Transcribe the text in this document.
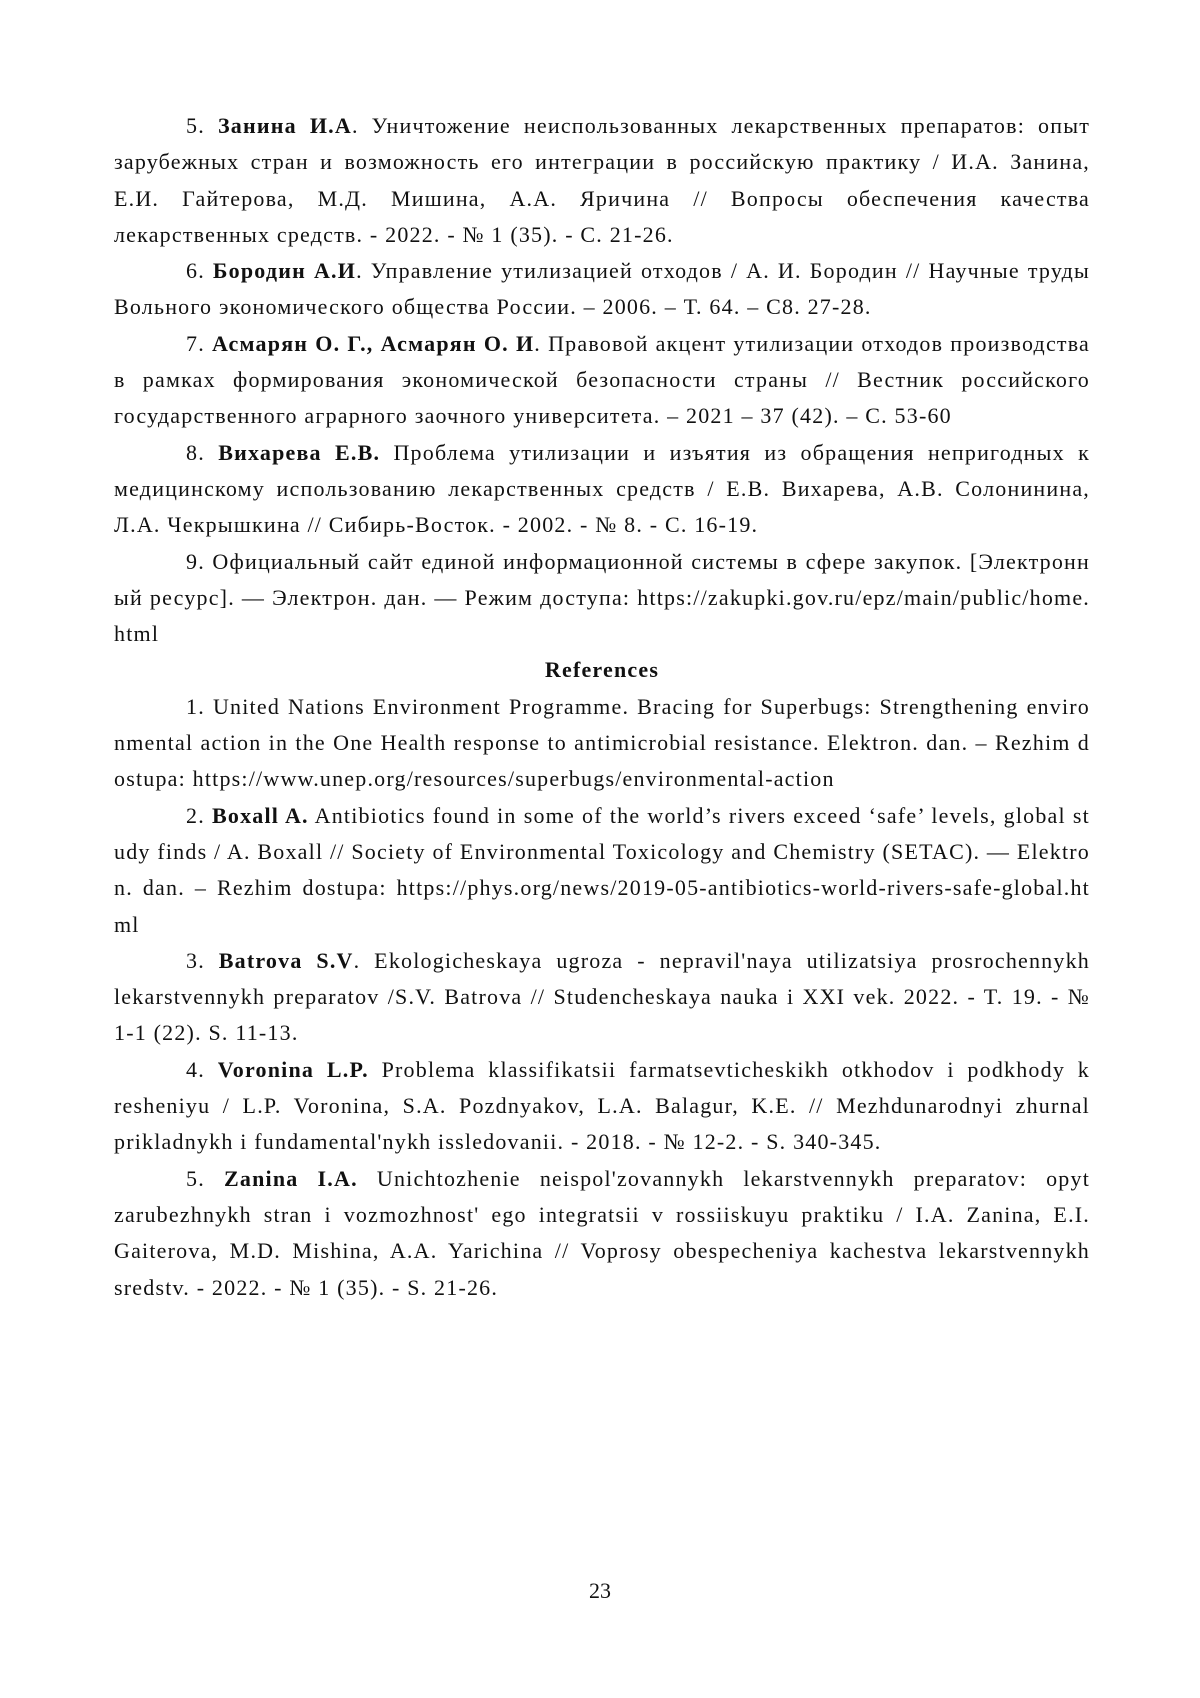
5. Занина И.А. Уничтожение неиспользованных лекарственных препаратов: опыт зарубежных стран и возможность его интеграции в российскую практику / И.А. Занина, Е.И. Гайтерова, М.Д. Мишина, А.А. Яричина // Вопросы обеспечения качества лекарственных средств. - 2022. - № 1 (35). - С. 21-26.

6. Бородин А.И. Управление утилизацией отходов / А. И. Бородин // Научные труды Вольного экономического общества России. – 2006. – Т. 64. – С8. 27-28.

7. Асмарян О. Г., Асмарян О. И. Правовой акцент утилизации отходов производства в рамках формирования экономической безопасности страны // Вестник российского государственного аграрного заочного университета. – 2021 – 37 (42). – С. 53-60

8. Вихарева Е.В. Проблема утилизации и изъятия из обращения непригодных к медицинскому использованию лекарственных средств / Е.В. Вихарева, А.В. Солонинина, Л.А. Чекрышкина // Сибирь-Восток. - 2002. - № 8. - С. 16-19.

9. Официальный сайт единой информационной системы в сфере закупок. [Электронный ресурс]. — Электрон. дан. — Режим доступа: https://zakupki.gov.ru/epz/main/public/home.html

References

1. United Nations Environment Programme. Bracing for Superbugs: Strengthening environmental action in the One Health response to antimicrobial resistance. Elektron. dan. – Rezhim dostupa: https://www.unep.org/resources/superbugs/environmental-action

2. Boxall A. Antibiotics found in some of the world’s rivers exceed ‘safe’ levels, global study finds / A. Boxall // Society of Environmental Toxicology and Chemistry (SETAC). — Elektron. dan. – Rezhim dostupa: https://phys.org/news/2019-05-antibiotics-world-rivers-safe-global.html

3. Batrova S.V. Ekologicheskaya ugroza - nepravil'naya utilizatsiya prosrochennykh lekarstvennykh preparatov /S.V. Batrova // Studencheskaya nauka i XXI vek. 2022. - T. 19. - № 1-1 (22). S. 11-13.

4. Voronina L.P. Problema klassifikatsii farmatsevticheskikh otkhodov i podkhody k resheniyu / L.P. Voronina, S.A. Pozdnyakov, L.A. Balagur, K.E. // Mezhdunarodnyi zhurnal prikladnykh i fundamental'nykh issledovanii. - 2018. - № 12-2. - S. 340-345.

5. Zanina I.A. Unichtozhenie neispol'zovannykh lekarstvennykh preparatov: opyt zarubezhnykh stran i vozmozhnost' ego integratsii v rossiiskuyu praktiku / I.A. Zanina, E.I. Gaiterova, M.D. Mishina, A.A. Yarichina // Voprosy obespecheniya kachestva lekarstvennykh sredstv. - 2022. - № 1 (35). - S. 21-26.

23
